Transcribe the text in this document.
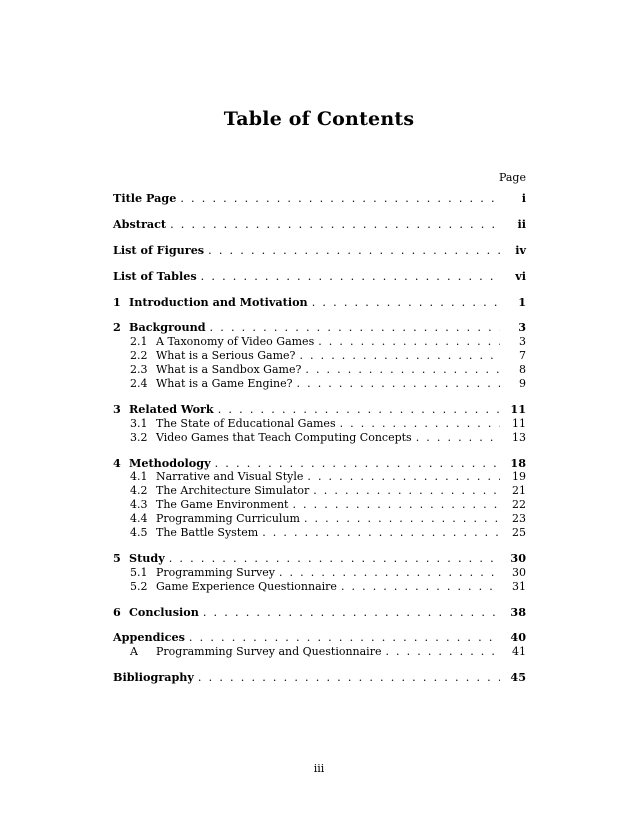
Table of Contents
Page
Title Page . . .	i
Abstract . . .	ii
List of Figures . . .	iv
List of Tables . . .	vi
1 Introduction and Motivation . . .	1
2 Background . . .	3
2.1 A Taxonomy of Video Games . . .	3
2.2 What is a Serious Game? . . .	7
2.3 What is a Sandbox Game? . . .	8
2.4 What is a Game Engine? . . .	9
3 Related Work . . .	11
3.1 The State of Educational Games . . .	11
3.2 Video Games that Teach Computing Concepts . . .	13
4 Methodology . . .	18
4.1 Narrative and Visual Style . . .	19
4.2 The Architecture Simulator . . .	21
4.3 The Game Environment . . .	22
4.4 Programming Curriculum . . .	23
4.5 The Battle System . . .	25
5 Study . . .	30
5.1 Programming Survey . . .	30
5.2 Game Experience Questionnaire . . .	31
6 Conclusion . . .	38
Appendices . . .	40
A	Programming Survey and Questionnaire . . .	41
Bibliography . . .	45
iii
